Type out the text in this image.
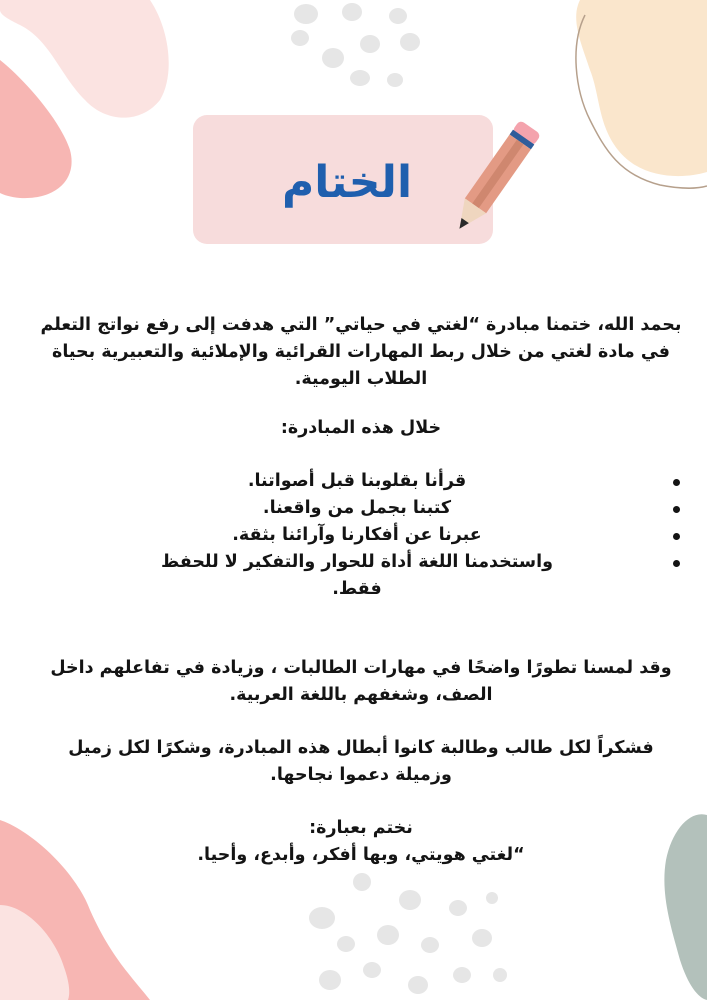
الختام

بحمد الله، ختمنا مبادرة “لغتي في حياتي” التي هدفت إلى رفع نواتج التعلم في مادة لغتي من خلال ربط المهارات القرائية والإملائية والتعبيرية بحياة الطلاب اليومية.

خلال هذه المبادرة:

قرأنا بقلوبنا قبل أصواتنا.
كتبنا بجمل من واقعنا.
عبرنا عن أفكارنا وآرائنا بثقة.
واستخدمنا اللغة أداة للحوار والتفكير لا للحفظ فقط.

وقد لمسنا تطورًا واضحًا في مهارات الطالبات ، وزيادة في تفاعلهم داخل الصف، وشغفهم باللغة العربية.

فشكراً لكل طالب وطالبة كانوا أبطال هذه المبادرة، وشكرًا لكل زميل وزميلة دعموا نجاحها.

نختم بعبارة:

“لغتي هويتي، وبها أفكر، وأبدع، وأحيا.
